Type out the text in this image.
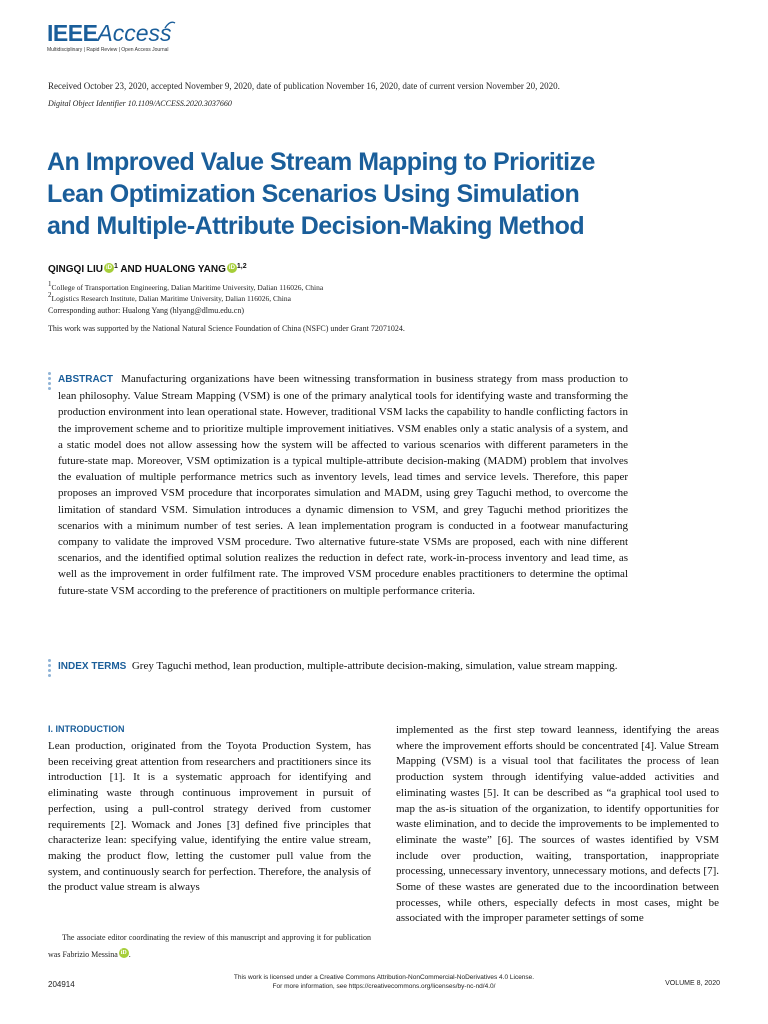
IEEEAccess
Multidisciplinary | Rapid Review | Open Access Journal
Received October 23, 2020, accepted November 9, 2020, date of publication November 16, 2020, date of current version November 20, 2020.
Digital Object Identifier 10.1109/ACCESS.2020.3037660
An Improved Value Stream Mapping to Prioritize
Lean Optimization Scenarios Using Simulation
and Multiple-Attribute Decision-Making Method
QINGQI LIU iD $^1$ AND HUALONG YANG iD $^{1,2}$
1College of Transportation Engineering, Dalian Maritime University, Dalian 116026, China
2Logistics Research Institute, Dalian Maritime University, Dalian 116026, China
Corresponding author: Hualong Yang (hlyang@dlmu.edu.cn)
This work was supported by the National Natural Science Foundation of China (NSFC) under Grant 72071024.
ABSTRACT Manufacturing organizations have been witnessing transformation in business strategy from mass production to lean philosophy. Value Stream Mapping (VSM) is one of the primary analytical tools for identifying waste and transforming the production environment into lean operational state. However, traditional VSM lacks the capability to handle conflicting factors in the improvement scheme and to prioritize multiple improvement initiatives. VSM enables only a static analysis of a system, and a static model does not allow assessing how the system will be affected to various scenarios with different parameters in the future-state map. Moreover, VSM optimization is a typical multiple-attribute decision-making (MADM) problem that involves the evaluation of multiple performance metrics such as inventory levels, lead times and service levels. Therefore, this paper proposes an improved VSM procedure that incorporates simulation and MADM, using grey Taguchi method, to overcome the limitation of standard VSM. Simulation introduces a dynamic dimension to VSM, and grey Taguchi method prioritizes the scenarios with a minimum number of test series. A lean implementation program is conducted in a footwear manufacturing company to validate the improved VSM procedure. Two alternative future-state VSMs are proposed, each with nine different scenarios, and the identified optimal solution realizes the reduction in defect rate, work-in-process inventory and lead time, as well as the improvement in order fulfilment rate. The improved VSM procedure enables practitioners to determine the optimal future-state VSM according to the preference of practitioners on multiple performance criteria.
INDEX TERMS Grey Taguchi method, lean production, multiple-attribute decision-making, simulation, value stream mapping.
I. INTRODUCTION
Lean production, originated from the Toyota Production System, has been receiving great attention from researchers and practitioners since its introduction [1]. It is a systematic approach for identifying and eliminating waste through continuous improvement in pursuit of perfection, using a pull-control strategy derived from customer requirements [2]. Womack and Jones [3] defined five principles that characterize lean: specifying value, identifying the entire value stream, making the product flow, letting the customer pull value from the system, and continuously search for perfection. Therefore, the analysis of the product value stream is always
implemented as the first step toward leanness, identifying the areas where the improvement efforts should be concentrated [4]. Value Stream Mapping (VSM) is a visual tool that facilitates the process of lean production system through identifying value-added activities and eliminating wastes [5]. It can be described as “a graphical tool used to map the as-is situation of the organization, to identify opportunities for waste elimination, and to decide the improvements to be implemented to eliminate the waste” [6]. The sources of wastes identified by VSM include over production, waiting, transportation, inappropriate processing, unnecessary inventory, unnecessary motions, and defects [7]. Some of these wastes are generated due to the incoordination between processes, while others, especially defects in most cases, might be associated with the improper parameter settings of some
The associate editor coordinating the review of this manuscript and approving it for publication was Fabrizio Messina iD .
This work is licensed under a Creative Commons Attribution-NonCommercial-NoDerivatives 4.0 License.
For more information, see https://creativecommons.org/licenses/by-nc-nd/4.0/
204914	VOLUME 8, 2020
